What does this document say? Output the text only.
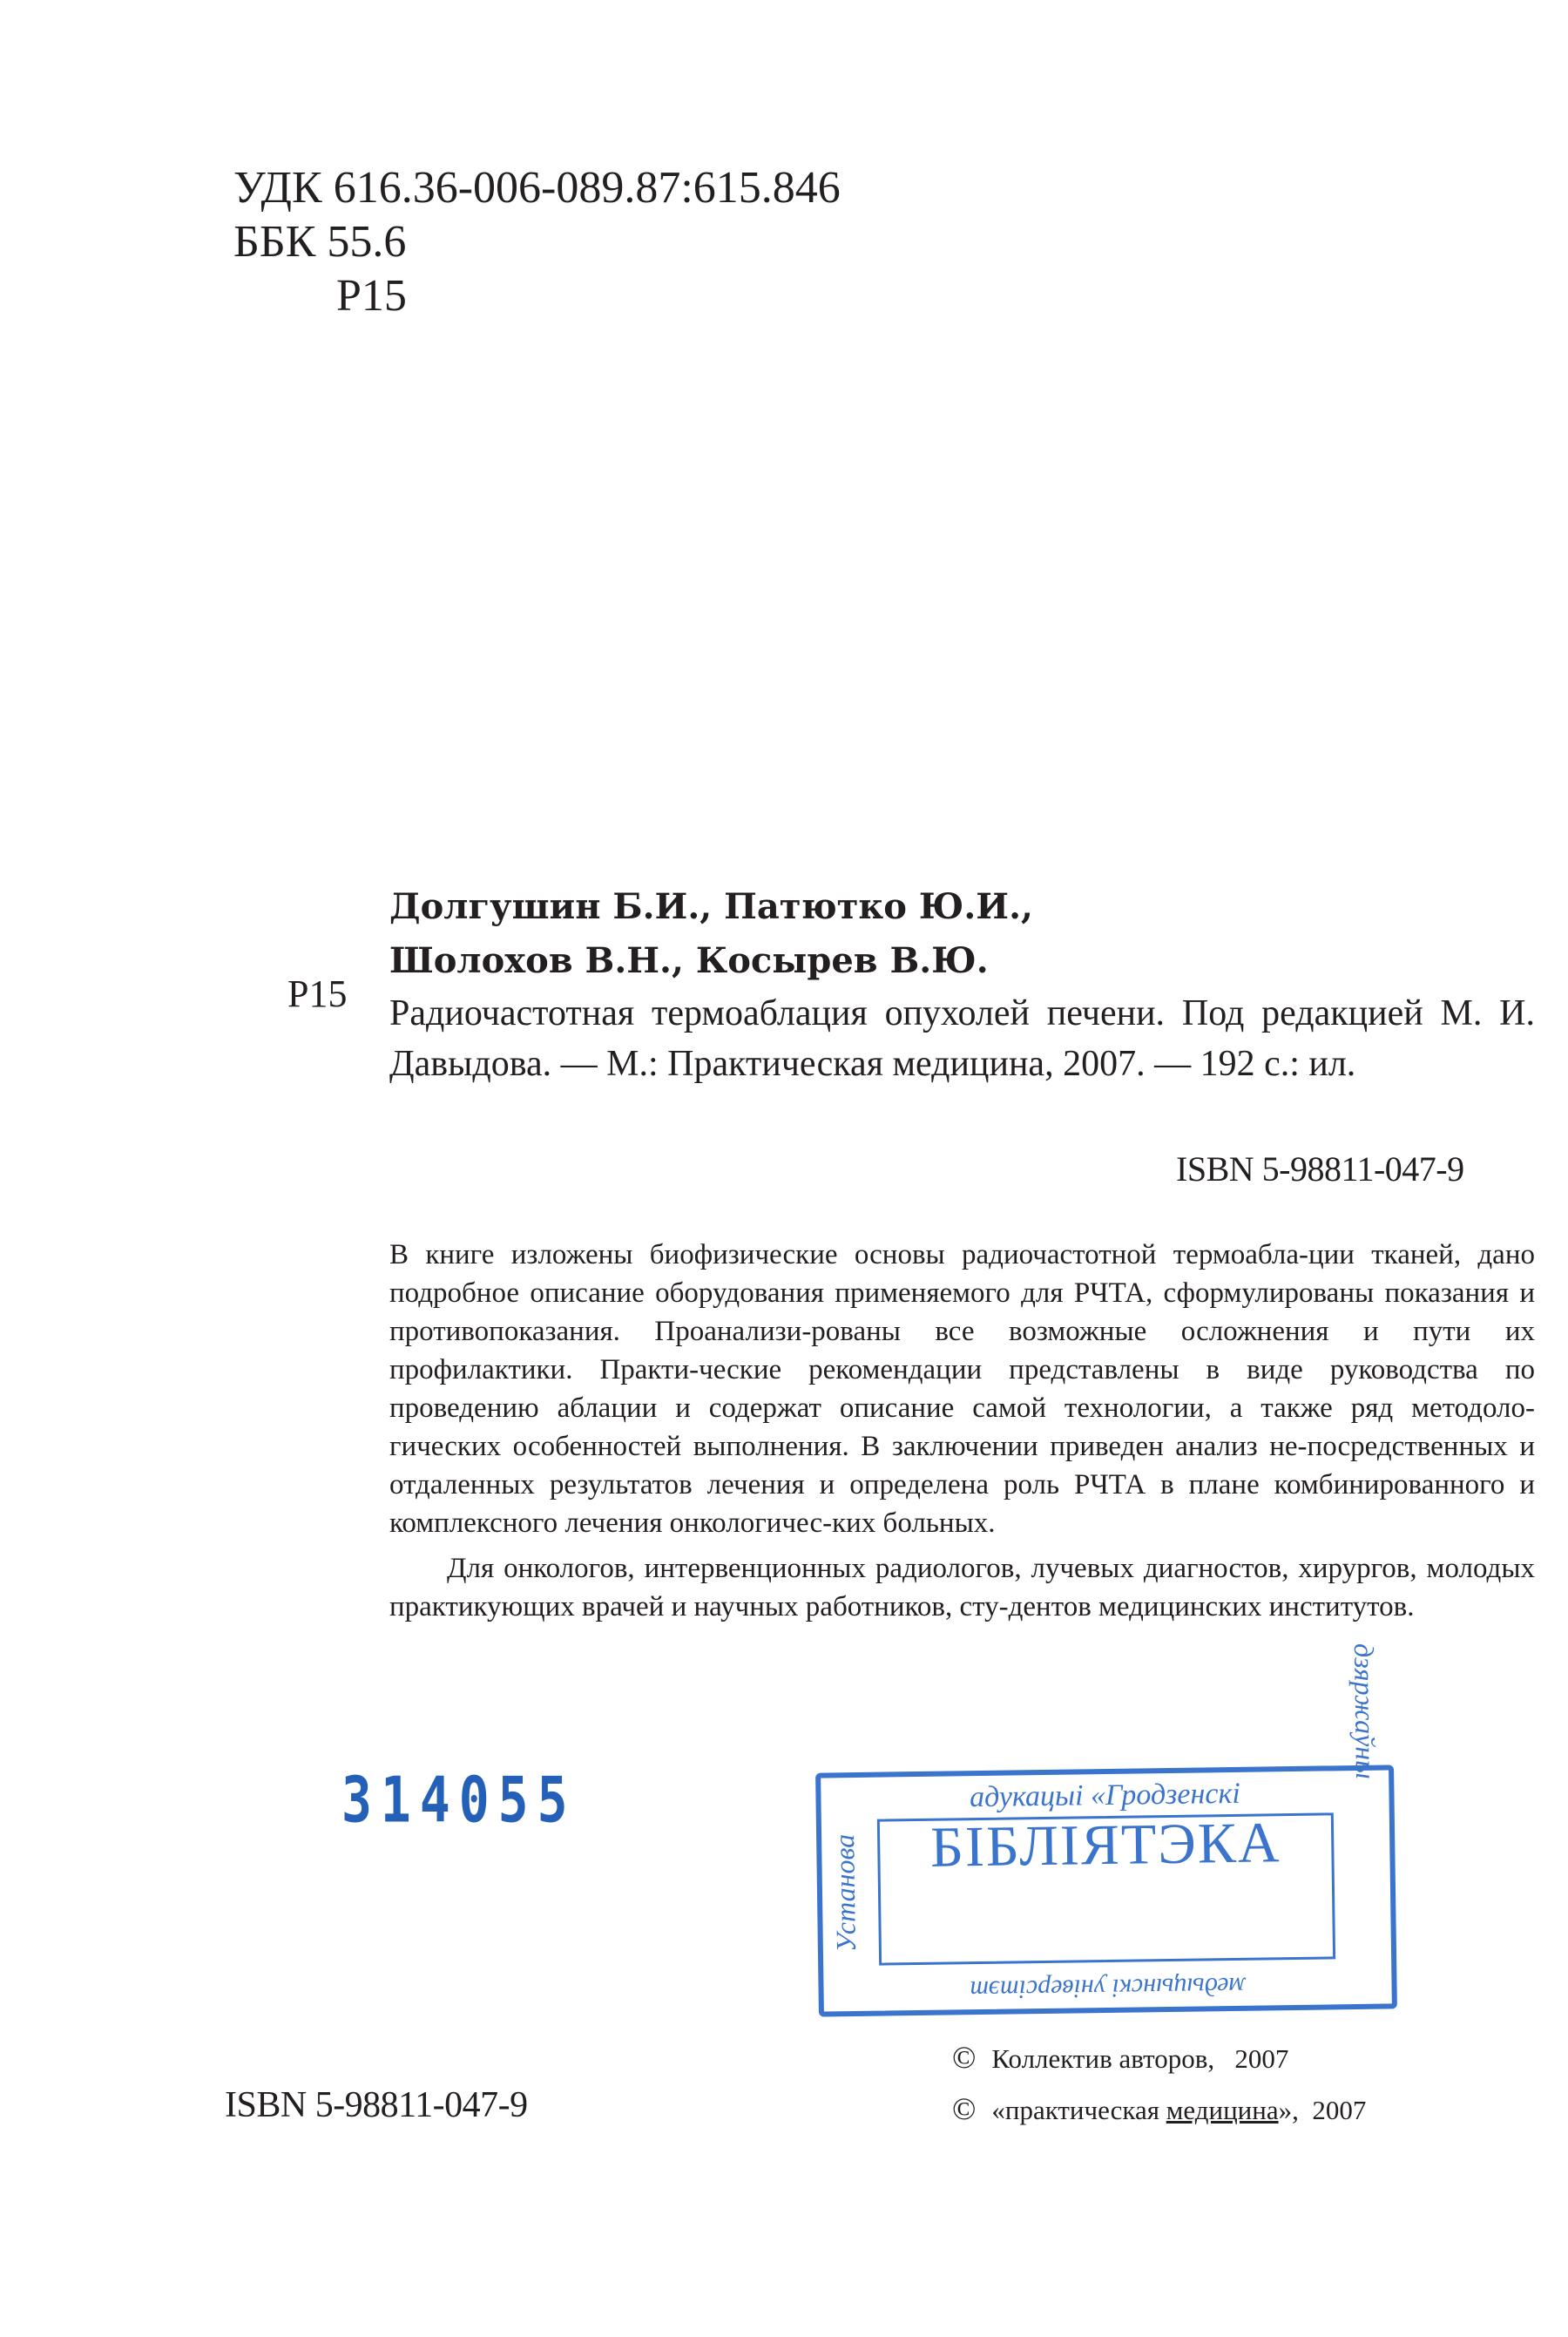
УДК 616.36-006-089.87:615.846
ББК 55.6
Р15
Р15
Долгушин Б.И., Патютко Ю.И.,
Шолохов В.Н., Косырев В.Ю.
Радиочастотная термоаблация опухолей печени. Под редакцией М. И. Давыдова. — М.: Практическая медицина, 2007. — 192 с.: ил.
ISBN 5-98811-047-9

В книге изложены биофизические основы радиочастотной термоабла-ции тканей, дано подробное описание оборудования применяемого для РЧТА, сформулированы показания и противопоказания. Проанализи-рованы все возможные осложнения и пути их профилактики. Практи-ческие рекомендации представлены в виде руководства по проведению аблации и содержат описание самой технологии, а также ряд методоло-гических особенностей выполнения. В заключении приведен анализ не-посредственных и отдаленных результатов лечения и определена роль РЧТА в плане комбинированного и комплексного лечения онкологичес-ких больных.

Для онкологов, интервенционных радиологов, лучевых диагностов, хирургов, молодых практикующих врачей и научных работников, сту-дентов медицинских институтов.

314055	адукацыі «Гродзенскі
Установа
дзяржаўны
БІБЛІЯТЭКА
медыцынскі універсітэт
© Коллектив авторов, 2007
© «практическая медицина», 2007
ISBN 5-98811-047-9
